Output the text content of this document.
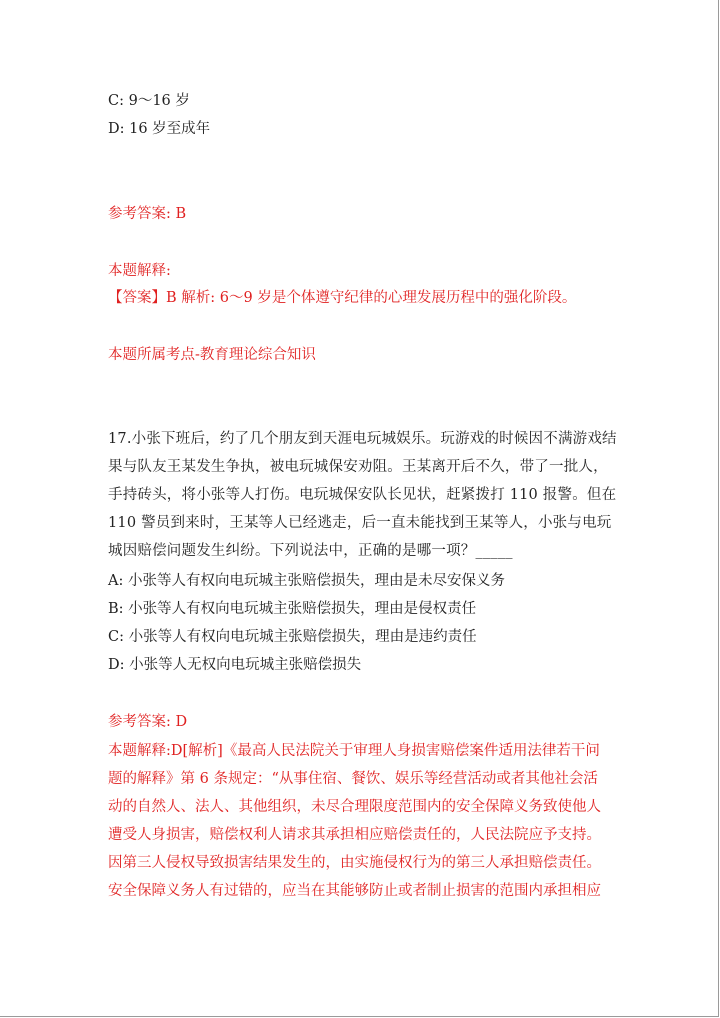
C: 9〜16 岁
D: 16 岁至成年
参考答案: B
本题解释:
【答案】B 解析: 6〜9 岁是个体遵守纪律的心理发展历程中的强化阶段。
本题所属考点-教育理论综合知识
17.小张下班后，约了几个朋友到天涯电玩城娱乐。玩游戏的时候因不满游戏结
果与队友王某发生争执，被电玩城保安劝阻。王某离开后不久，带了一批人，
手持砖头，将小张等人打伤。电玩城保安队长见状，赶紧拨打 110 报警。但在
110 警员到来时，王某等人已经逃走，后一直未能找到王某等人，小张与电玩
城因赔偿问题发生纠纷。下列说法中，正确的是哪一项？_____
A: 小张等人有权向电玩城主张赔偿损失，理由是未尽安保义务
B: 小张等人有权向电玩城主张赔偿损失，理由是侵权责任
C: 小张等人有权向电玩城主张赔偿损失，理由是违约责任
D: 小张等人无权向电玩城主张赔偿损失
参考答案: D
本题解释:D[解析]《最高人民法院关于审理人身损害赔偿案件适用法律若干问
题的解释》第 6 条规定：“从事住宿、餐饮、娱乐等经营活动或者其他社会活
动的自然人、法人、其他组织，未尽合理限度范围内的安全保障义务致使他人
遭受人身损害，赔偿权利人请求其承担相应赔偿责任的，人民法院应予支持。
因第三人侵权导致损害结果发生的，由实施侵权行为的第三人承担赔偿责任。
安全保障义务人有过错的，应当在其能够防止或者制止损害的范围内承担相应
